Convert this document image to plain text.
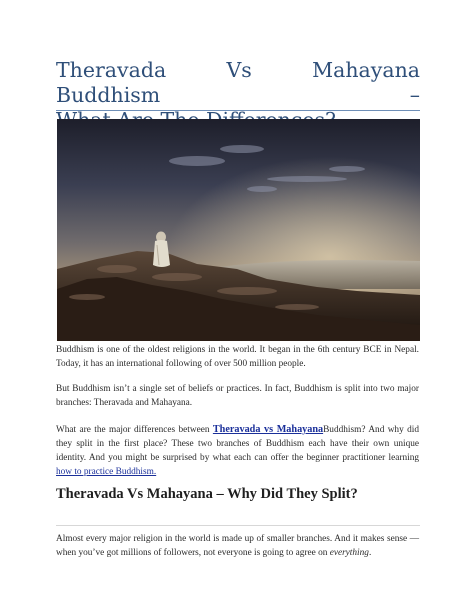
Theravada Vs Mahayana Buddhism –

Buddhism is one of the oldest religions in the world. It began in the 6th century BCE in Nepal. Today, it has an international following of over 500 million people.

But Buddhism isn’t a single set of beliefs or practices. In fact, Buddhism is split into two major branches: Theravada and Mahayana.

What are the major differences between Theravada vs MahayanaBuddhism? And why did they split in the first place? These two branches of Buddhism each have their own unique identity. And you might be surprised by what each can offer the beginner practitioner learning how to practice Buddhism.

Theravada Vs Mahayana – Why Did They Split?

Almost every major religion in the world is made up of smaller branches. And it makes sense — when you’ve got millions of followers, not everyone is going to agree on everything.
